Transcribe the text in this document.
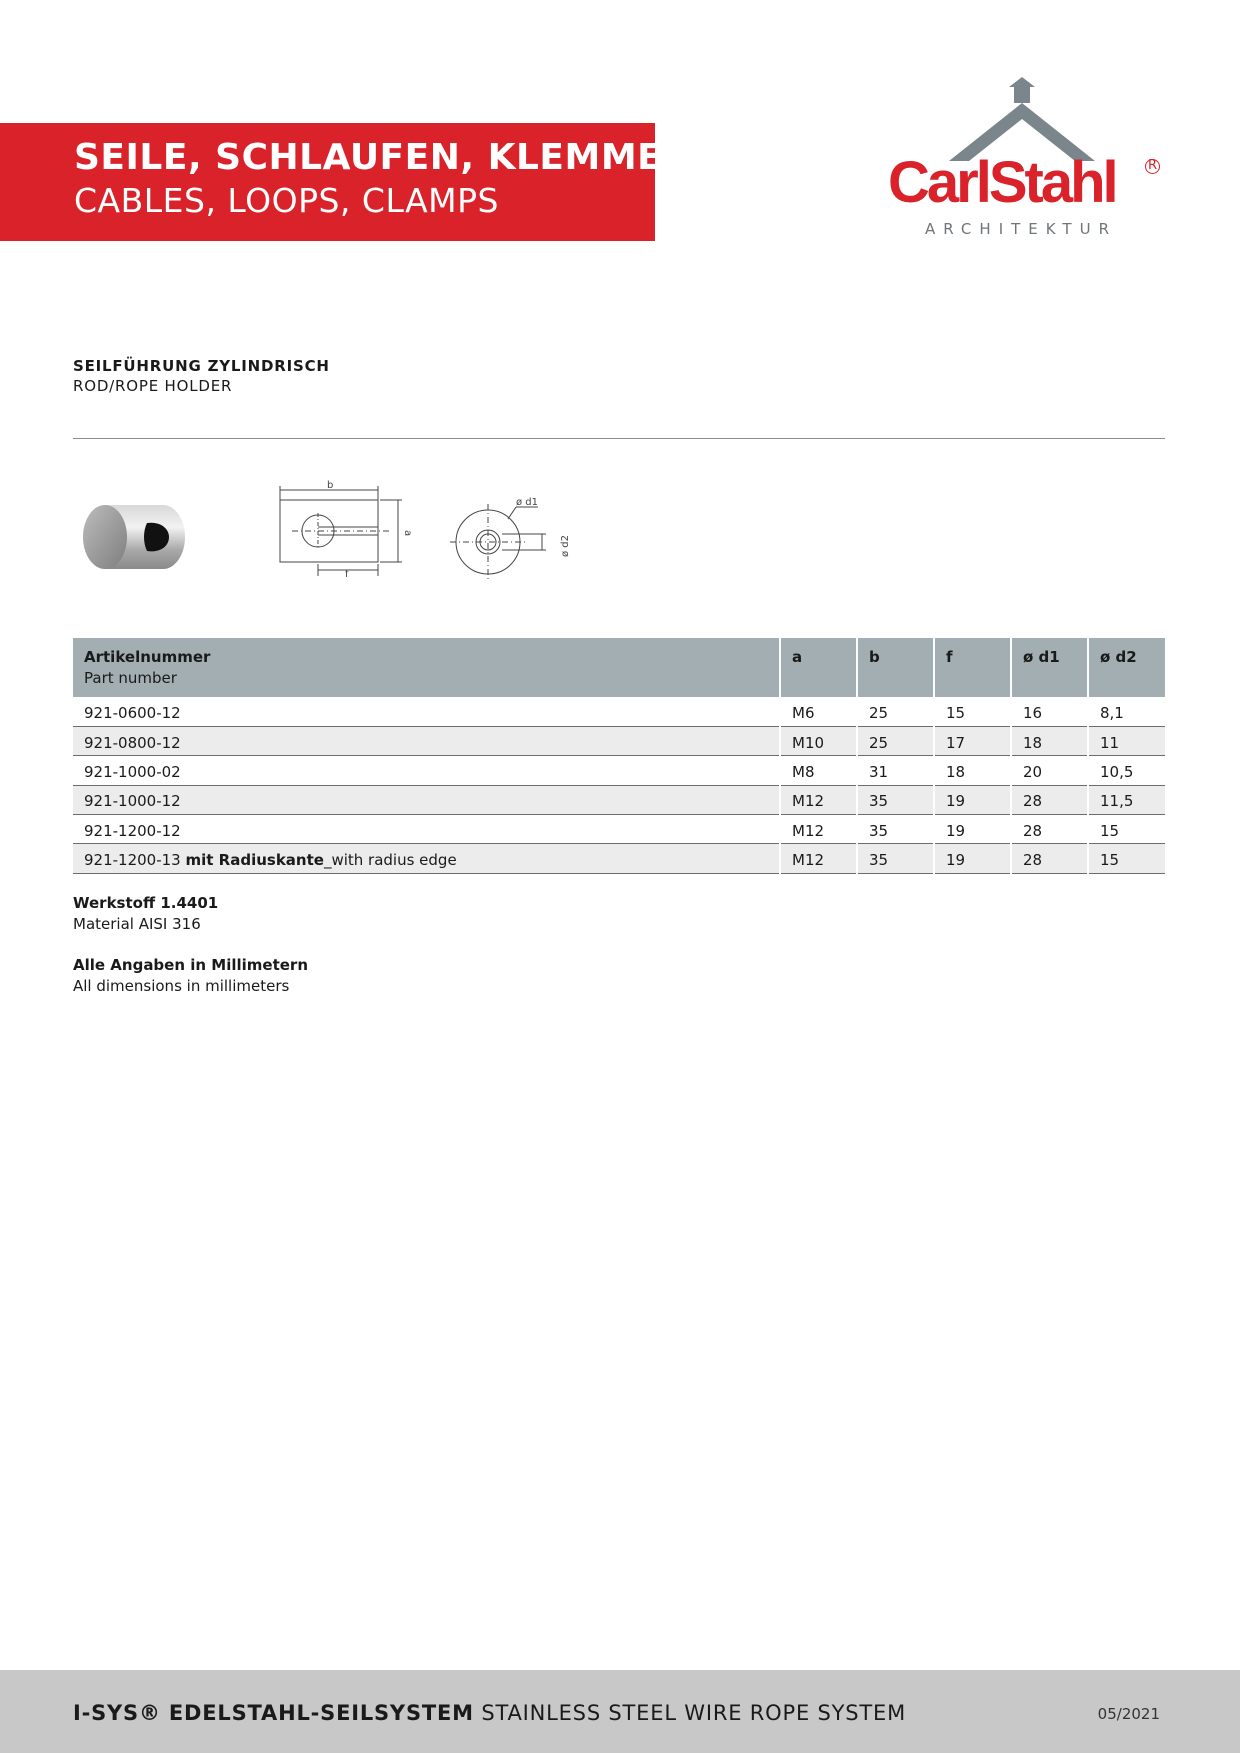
SEILE, SCHLAUFEN, KLEMMEN
CABLES, LOOPS, CLAMPS	CarlStahl R
ARCHITEKTUR
SEILFÜHRUNG ZYLINDRISCH
ROD/ROPE HOLDER
b
a
f
ø d1
ø d2
Artikelnummer
Part number	a	b	f	ø d1	ø d2

921-0600-12	M6	25	15	16	8,1
921-0800-12	M10	25	17	18	11
921-1000-02	M8	31	18	20	10,5
921-1000-12	M12	35	19	28	11,5
921-1200-12	M12	35	19	28	15
921-1200-13 mit Radiuskante_with radius edge	M12	35	19	28	15
Werkstoff 1.4401
Material AISI 316
Alle Angaben in Millimetern
All dimensions in millimeters
I-SYS® EDELSTAHL-SEILSYSTEM STAINLESS STEEL WIRE ROPE SYSTEM	05/2021
